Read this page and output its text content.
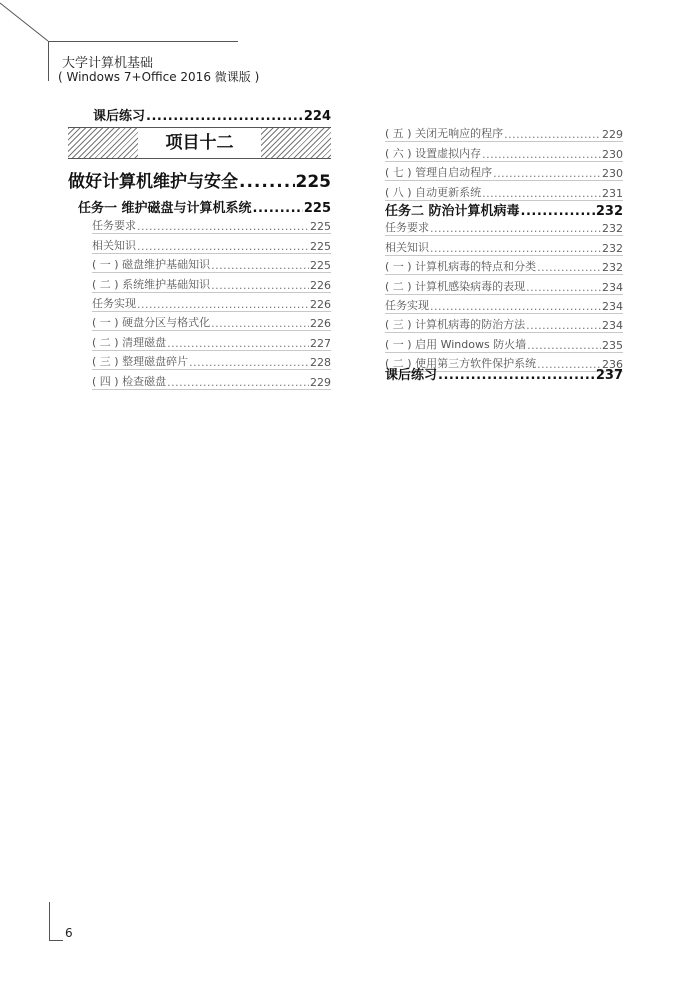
大学计算机基础
( Windows 7+Office 2016 微课版 )
课后练习 .....	224
项目十二
做好计算机维护与安全 .....	225
任务一 维护磁盘与计算机系统 .....	225
任务要求 .....	225
相关知识 .....	225
( 一 ) 磁盘维护基础知识 .....	225
( 二 ) 系统维护基础知识 .....	226
任务实现 .....	226
( 一 ) 硬盘分区与格式化 .....	226
( 二 ) 清理磁盘 .....	227
( 三 ) 整理磁盘碎片 .....	228
( 四 ) 检查磁盘 .....	229
( 五 ) 关闭无响应的程序 .....	229
( 六 ) 设置虚拟内存 .....	230
( 七 ) 管理自启动程序 .....	230
( 八 ) 自动更新系统 .....	231
任务二 防治计算机病毒 .....	232
任务要求 .....	232
相关知识 .....	232
( 一 ) 计算机病毒的特点和分类 .....	232
( 二 ) 计算机感染病毒的表现 .....	234
任务实现 .....	234
( 三 ) 计算机病毒的防治方法 .....	234
( 一 ) 启用 Windows 防火墙 .....	235
( 二 ) 使用第三方软件保护系统 .....	236
课后练习 .....	237
6
